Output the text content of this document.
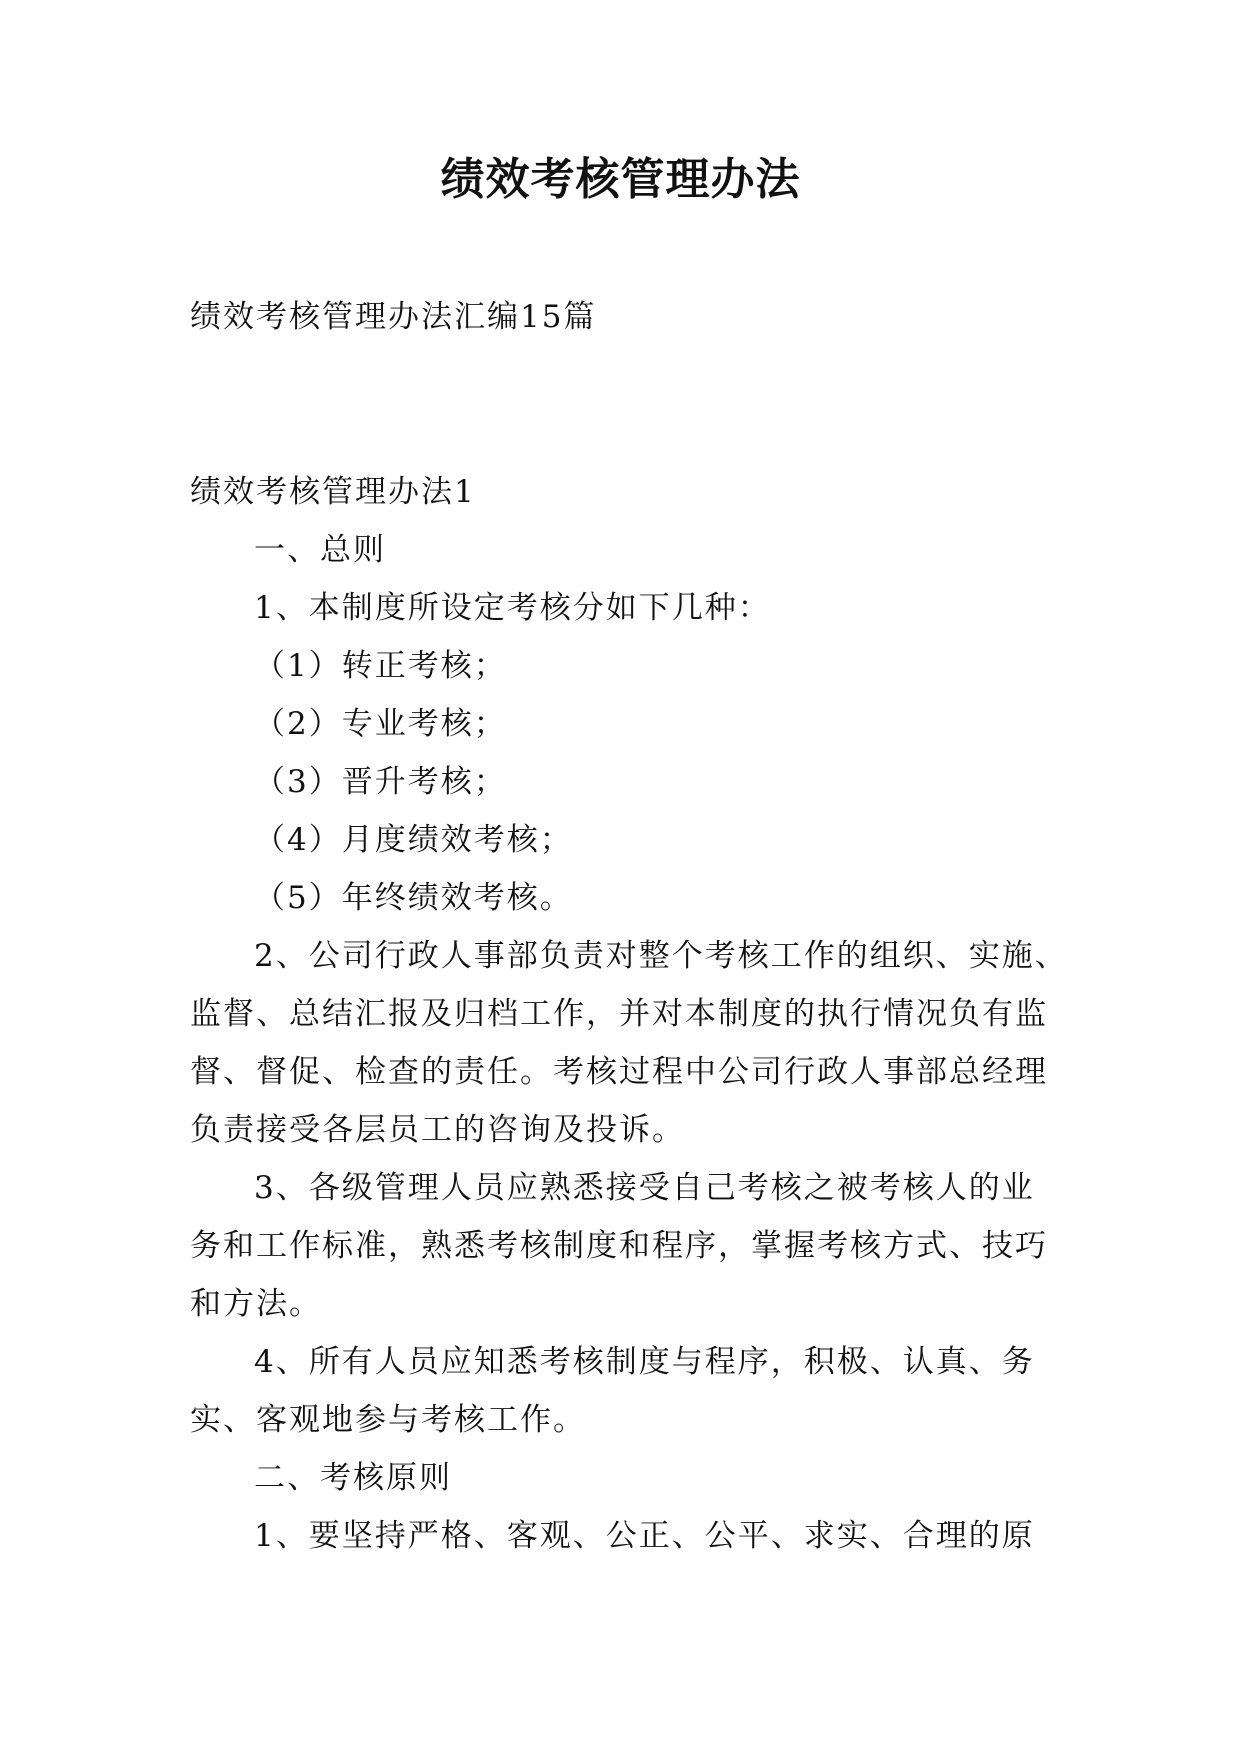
绩效考核管理办法
绩效考核管理办法汇编15篇
绩效考核管理办法1
一、总则
1、本制度所设定考核分如下几种：
（1）转正考核；
（2）专业考核；
（3）晋升考核；
（4）月度绩效考核；
（5）年终绩效考核。
2、公司行政人事部负责对整个考核工作的组织、实施、
监督、总结汇报及归档工作，并对本制度的执行情况负有监
督、督促、检查的责任。考核过程中公司行政人事部总经理
负责接受各层员工的咨询及投诉。
3、各级管理人员应熟悉接受自己考核之被考核人的业
务和工作标准，熟悉考核制度和程序，掌握考核方式、技巧
和方法。
4、所有人员应知悉考核制度与程序，积极、认真、务
实、客观地参与考核工作。
二、考核原则
1、要坚持严格、客观、公正、公平、求实、合理的原
